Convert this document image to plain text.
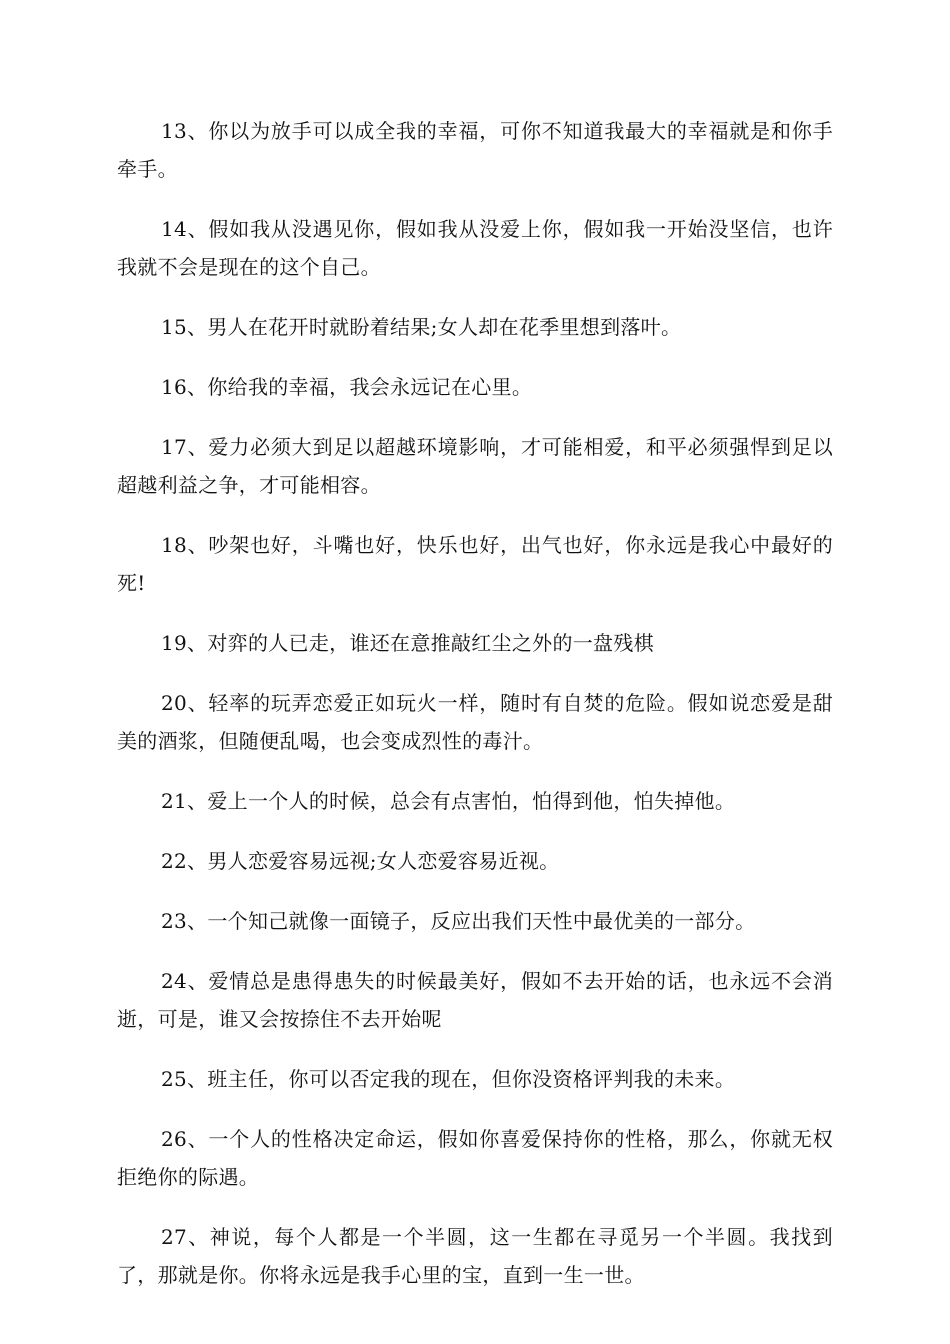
13、你以为放手可以成全我的幸福，可你不知道我最大的幸福就是和你手牵手。

14、假如我从没遇见你，假如我从没爱上你，假如我一开始没坚信，也许我就不会是现在的这个自己。

15、男人在花开时就盼着结果;女人却在花季里想到落叶。

16、你给我的幸福，我会永远记在心里。

17、爱力必须大到足以超越环境影响，才可能相爱，和平必须强悍到足以超越利益之争，才可能相容。

18、吵架也好，斗嘴也好，快乐也好，出气也好，你永远是我心中最好的死!

19、对弈的人已走，谁还在意推敲红尘之外的一盘残棋

20、轻率的玩弄恋爱正如玩火一样，随时有自焚的危险。假如说恋爱是甜美的酒浆，但随便乱喝，也会变成烈性的毒汁。

21、爱上一个人的时候，总会有点害怕，怕得到他，怕失掉他。

22、男人恋爱容易远视;女人恋爱容易近视。

23、一个知己就像一面镜子，反应出我们天性中最优美的一部分。

24、爱情总是患得患失的时候最美好，假如不去开始的话，也永远不会消逝，可是，谁又会按捺住不去开始呢

25、班主任，你可以否定我的现在，但你没资格评判我的未来。

26、一个人的性格决定命运，假如你喜爱保持你的性格，那么，你就无权拒绝你的际遇。

27、神说，每个人都是一个半圆，这一生都在寻觅另一个半圆。我找到了，那就是你。你将永远是我手心里的宝，直到一生一世。
